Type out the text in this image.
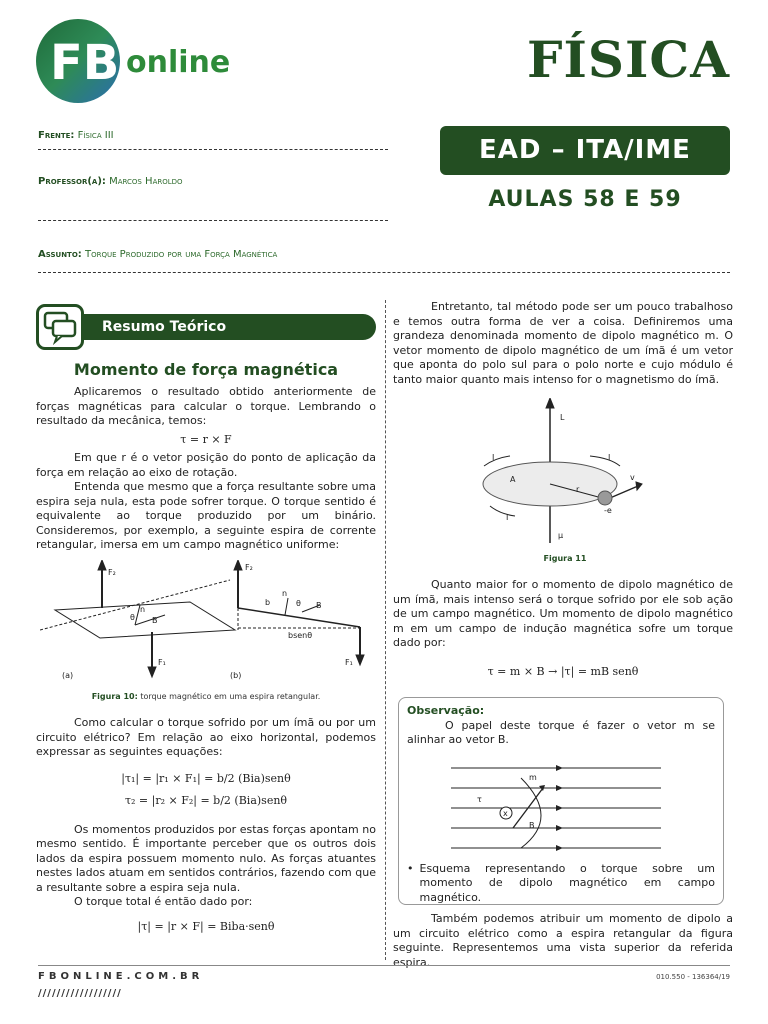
FB online	FÍSICA
Frente: Física III
Professor(a): Marcos Haroldo
Assunto: Torque Produzido por uma Força Magnética
EAD – ITA/IME
AULAS 58 E 59
Resumo Teórico
Momento de força magnética

Aplicaremos o resultado obtido anteriormente de forças magnéticas para calcular o torque. Lembrando o resultado da mecânica, temos:

τ = r × F

Em que r é o vetor posição do ponto de aplicação da força em relação ao eixo de rotação.

Entenda que mesmo que a força resultante sobre uma espira seja nula, esta pode sofrer torque. O torque sentido é equivalente ao torque produzido por um binário. Consideremos, por exemplo, a seguinte espira de corrente retangular, imersa em um campo magnético uniforme:

F₂
F₁
θ B
n
F₂
F₁
b
n
θ B
bsenθ
(a)	(b)
Figura 10: torque magnético em uma espira retangular.

Como calcular o torque sofrido por um ímã ou por um circuito elétrico? Em relação ao eixo horizontal, podemos expressar as seguintes equações:

|τ₁| = |r₁ × F₁| = b/2 (Bia)senθ
τ₂ = |r₂ × F₂| = b/2 (Bia)senθ

Os momentos produzidos por estas forças apontam no mesmo sentido. É importante perceber que os outros dois lados da espira possuem momento nulo. As forças atuantes nestes lados atuam em sentidos contrários, fazendo com que a resultante sobre a espira seja nula.

O torque total é então dado por:

|τ| = |r × F| = Biba·senθ

Entretanto, tal método pode ser um pouco trabalhoso e temos outra forma de ver a coisa. Definiremos uma grandeza denominada momento de dipolo magnético m. O vetor momento de dipolo magnético de um ímã é um vetor que aponta do polo sul para o polo norte e cujo módulo é tanto maior quanto mais intenso for o magnetismo do ímã.

L
A
r
I	I
I
v
-e
μ
Figura 11

Quanto maior for o momento de dipolo magnético de um ímã, mais intenso será o torque sofrido por ele sob ação de um campo magnético. Um momento de dipolo magnético m em um campo de indução magnética sofre um torque dado por:

τ = m × B → |τ| = mB senθ
Observação:

O papel deste torque é fazer o vetor m se alinhar ao vetor B.

x
m
B
τ
• Esquema representando o torque sobre um momento de dipolo magnético em campo magnético.

Também podemos atribuir um momento de dipolo a um circuito elétrico como a espira retangular da figura seguinte. Representemos uma vista superior da referida espira.

FBONLINE.COM.BR
//////////////////
010.550 - 136364/19
